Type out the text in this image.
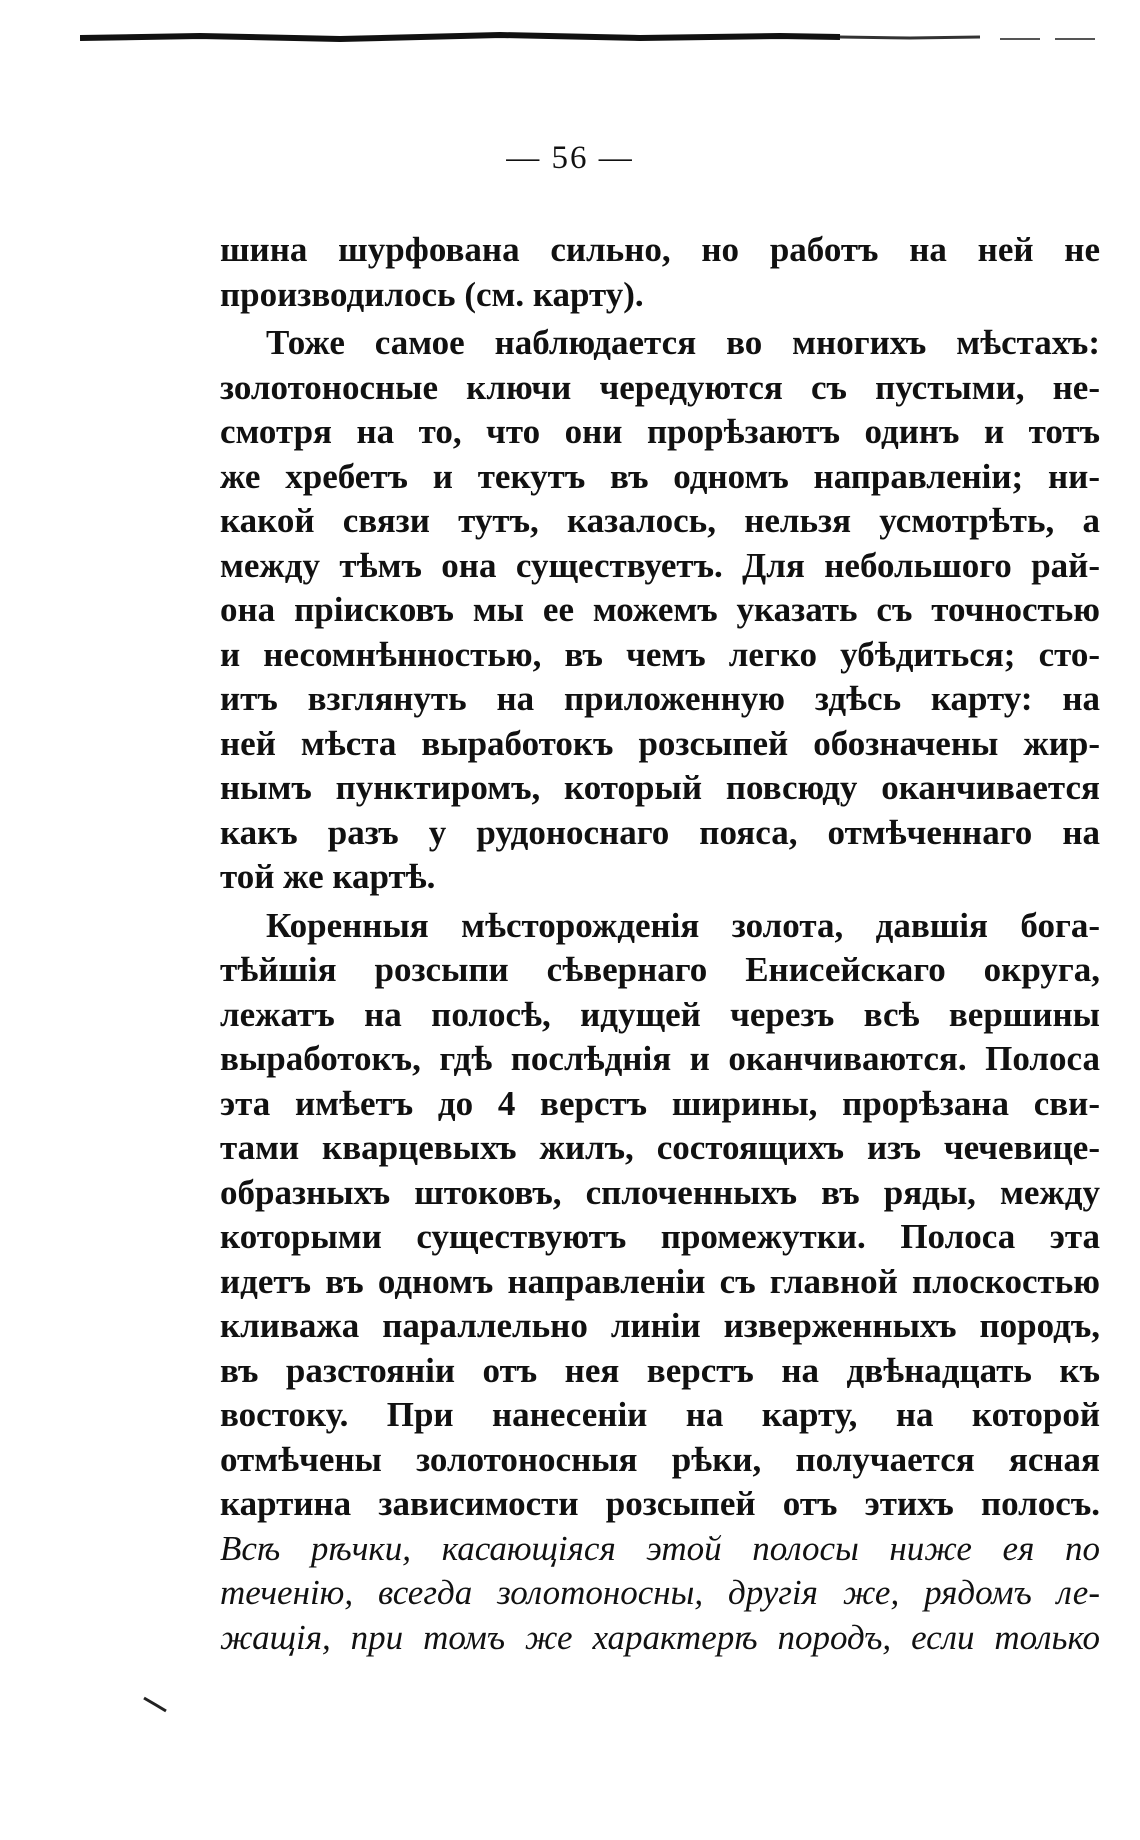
— 56 —
шина шурфована сильно, но работъ на ней не
производилось (см. карту).
Тоже самое наблюдается во многихъ мѣстахъ:
золотоносные ключи чередуются съ пустыми, не-
смотря на то, что они прорѣзаютъ одинъ и тотъ
же хребетъ и текутъ въ одномъ направленіи; ни-
какой связи тутъ, казалось, нельзя усмотрѣть, а
между тѣмъ она существуетъ. Для небольшого рай-
она пріисковъ мы ее можемъ указать съ точностью
и несомнѣнностью, въ чемъ легко убѣдиться; сто-
итъ взглянуть на приложенную здѣсь карту: на
ней мѣста выработокъ розсыпей обозначены жир-
нымъ пунктиромъ, который повсюду оканчивается
какъ разъ у рудоноснаго пояса, отмѣченнаго на
той же картѣ.
Коренныя мѣсторожденія золота, давшія бога-
тѣйшія розсыпи сѣвернаго Енисейскаго округа,
лежатъ на полосѣ, идущей черезъ всѣ вершины
выработокъ, гдѣ послѣднія и оканчиваются. Полоса
эта имѣетъ до 4 верстъ ширины, прорѣзана сви-
тами кварцевыхъ жилъ, состоящихъ изъ чечевице-
образныхъ штоковъ, сплоченныхъ въ ряды, между
которыми существуютъ промежутки. Полоса эта
идетъ въ одномъ направленіи съ главной плоскостью
кливажа параллельно линіи изверженныхъ породъ,
въ разстояніи отъ нея верстъ на двѣнадцать къ
востоку. При нанесеніи на карту, на которой
отмѣчены золотоносныя рѣки, получается ясная
картина зависимости розсыпей отъ этихъ полосъ.
Всѣ рѣчки, касающіяся этой полосы ниже ея по
теченію, всегда золотоносны, другія же, рядомъ ле-
жащія, при томъ же характерѣ породъ, если только
